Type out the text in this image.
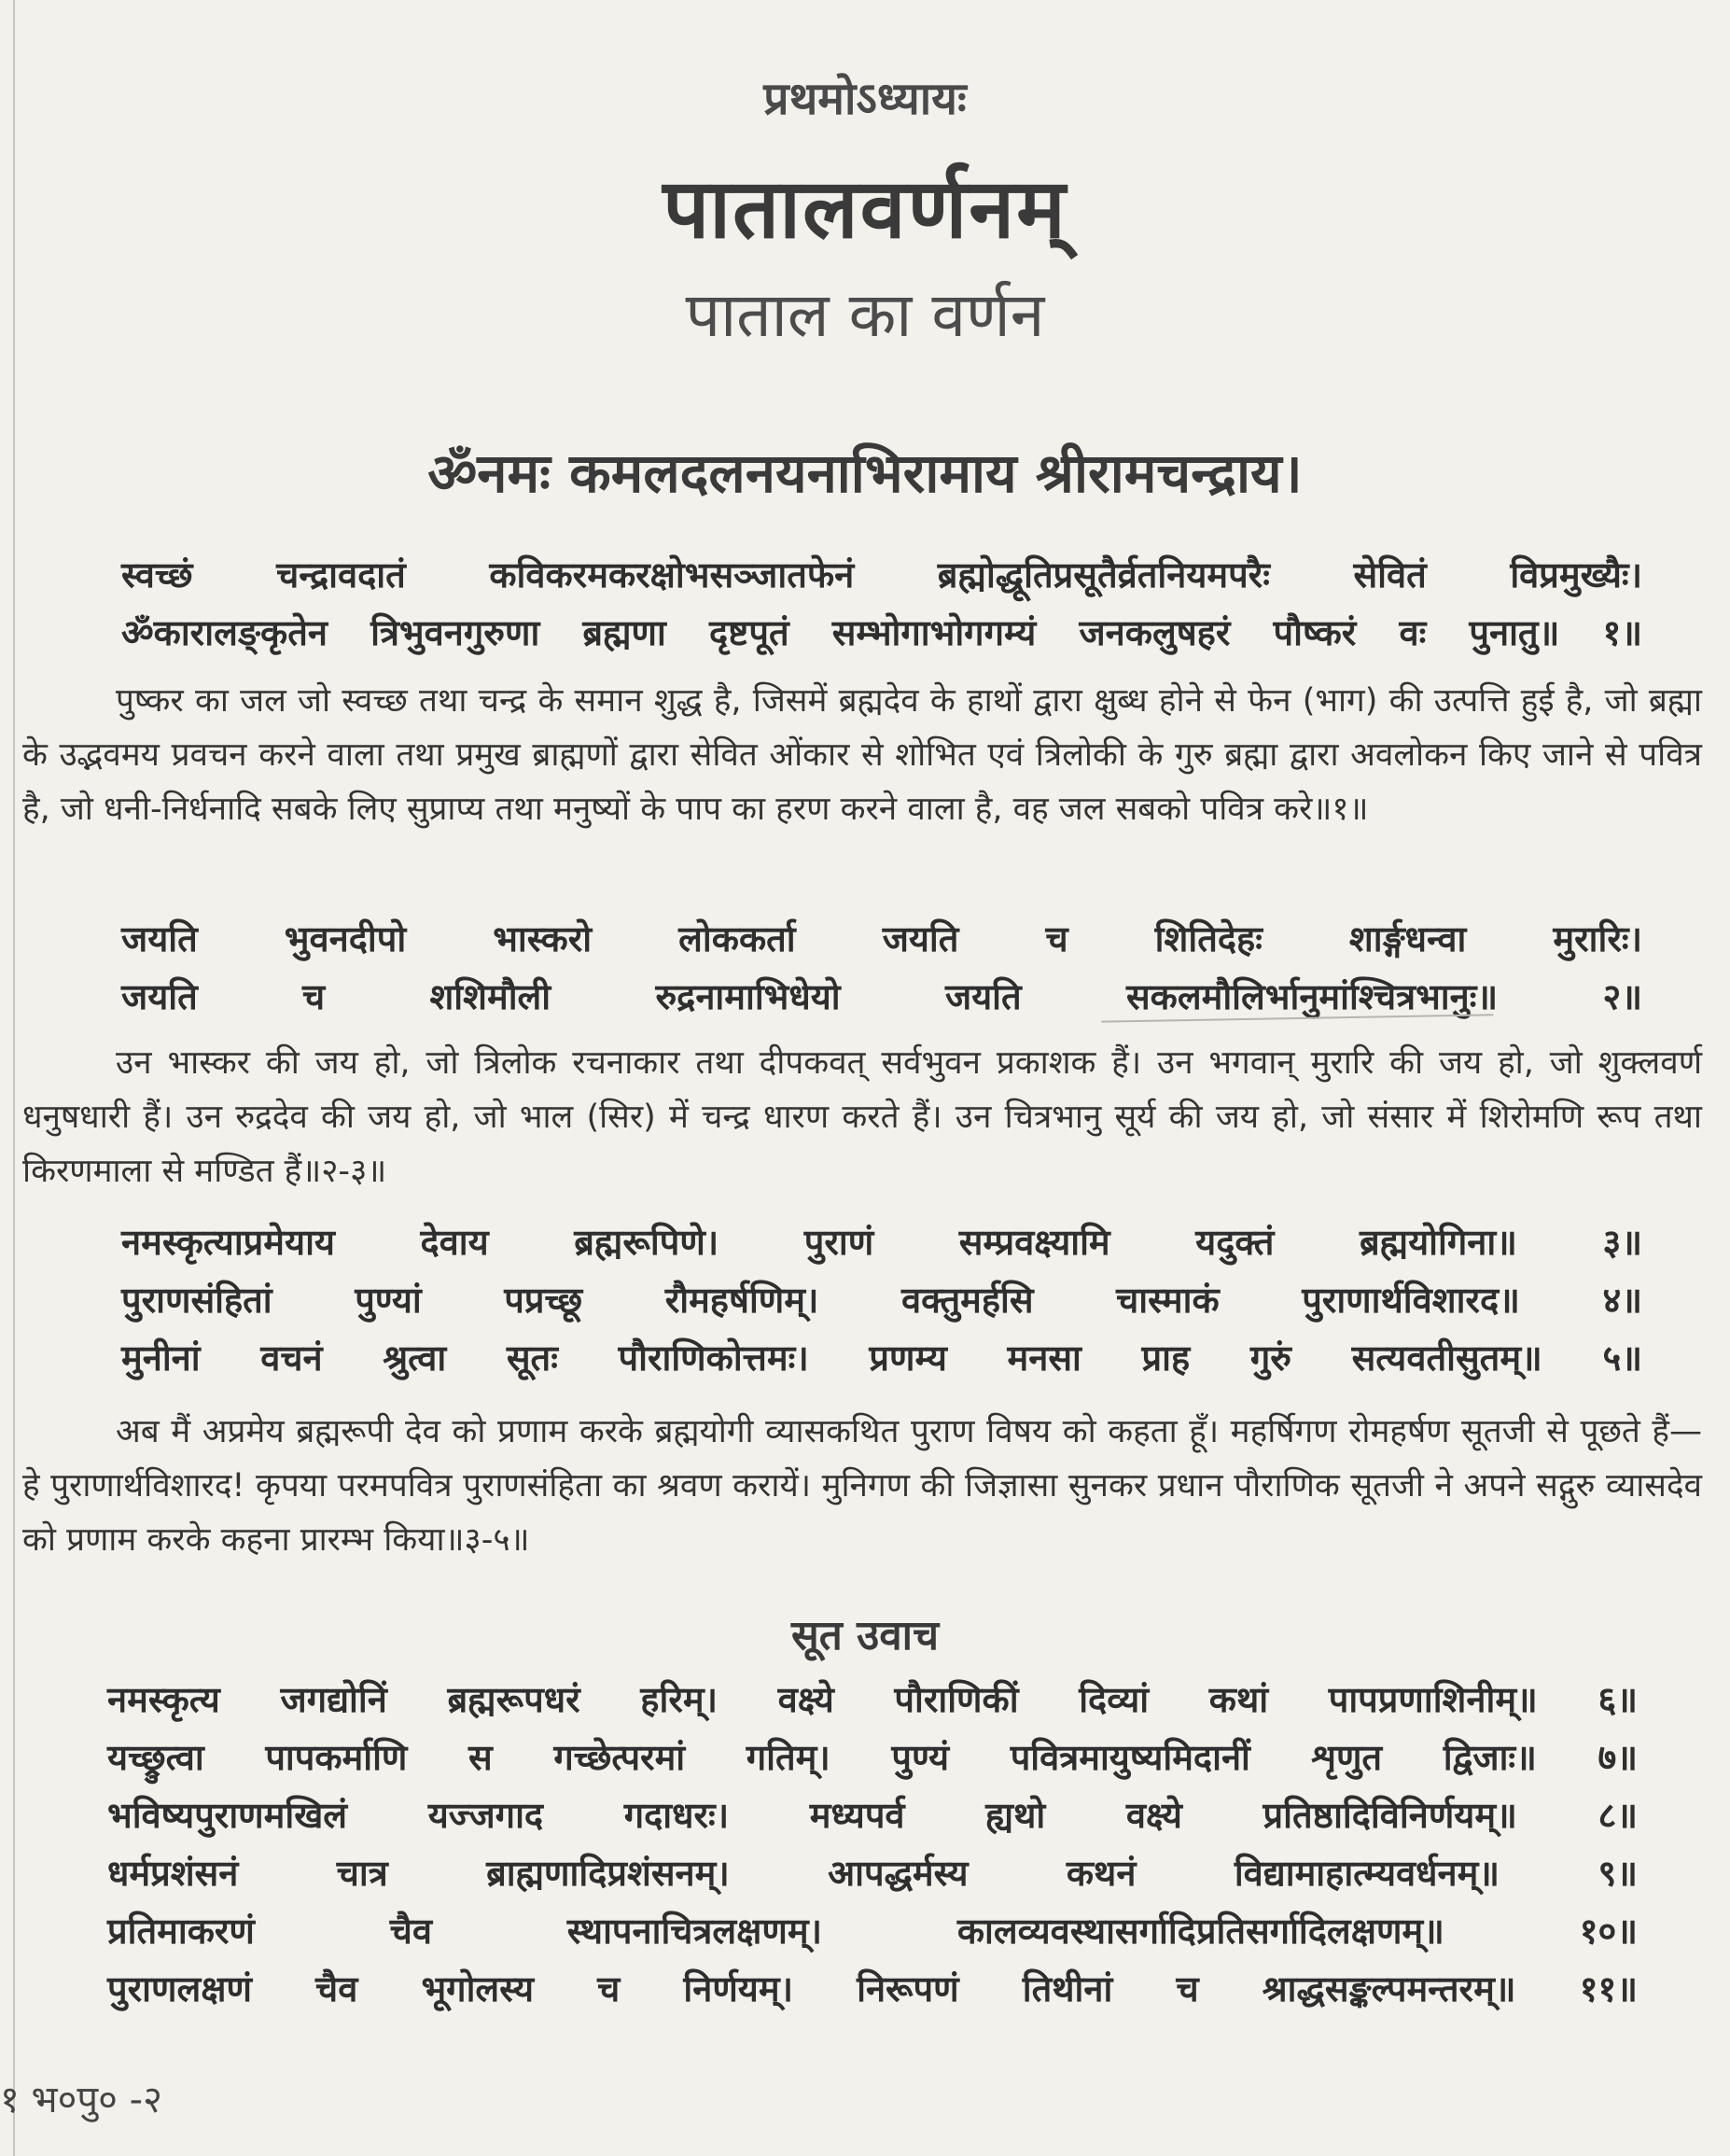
प्रथमोऽध्यायः
पातालवर्णनम्
पाताल का वर्णन
ॐनमः कमलदलनयनाभिरामाय श्रीरामचन्द्राय।
स्वच्छं चन्द्रावदातं कविकरमकरक्षोभसञ्जातफेनं ब्रह्मोद्धूतिप्रसूतैर्व्रतनियमपरैः सेवितं विप्रमुख्यैः।
ॐकारालङ्कृतेन त्रिभुवनगुरुणा ब्रह्मणा दृष्टपूतं सम्भोगाभोगगम्यं जनकलुषहरं पौष्करं वः पुनातु॥ १॥
पुष्कर का जल जो स्वच्छ तथा चन्द्र के समान शुद्ध है, जिसमें ब्रह्मदेव के हाथों द्वारा क्षुब्ध होने से फेन (भाग) की उत्पत्ति हुई है, जो ब्रह्मा के उद्भवमय प्रवचन करने वाला तथा प्रमुख ब्राह्मणों द्वारा सेवित ओंकार से शोभित एवं त्रिलोकी के गुरु ब्रह्मा द्वारा अवलोकन किए जाने से पवित्र है, जो धनी-निर्धनादि सबके लिए सुप्राप्य तथा मनुष्यों के पाप का हरण करने वाला है, वह जल सबको पवित्र करे॥१॥
जयति भुवनदीपो भास्करो लोककर्ता जयति च शितिदेहः शार्ङ्गधन्वा मुरारिः।
जयति च शशिमौली रुद्रनामाभिधेयो जयति सकलमौलिर्भानुमांश्चित्रभानुः॥ २॥
उन भास्कर की जय हो, जो त्रिलोक रचनाकार तथा दीपकवत् सर्वभुवन प्रकाशक हैं। उन भगवान् मुरारि की जय हो, जो शुक्लवर्ण धनुषधारी हैं। उन रुद्रदेव की जय हो, जो भाल (सिर) में चन्द्र धारण करते हैं। उन चित्रभानु सूर्य की जय हो, जो संसार में शिरोमणि रूप तथा किरणमाला से मण्डित हैं॥२-३॥
नमस्कृत्याप्रमेयाय देवाय ब्रह्मरूपिणे। पुराणं सम्प्रवक्ष्यामि यदुक्तं ब्रह्मयोगिना॥ ३॥
पुराणसंहितां पुण्यां पप्रच्छू रौमहर्षणिम्। वक्तुमर्हसि चास्माकं पुराणार्थविशारद॥ ४॥
मुनीनां वचनं श्रुत्वा सूतः पौराणिकोत्तमः। प्रणम्य मनसा प्राह गुरुं सत्यवतीसुतम्॥ ५॥
अब मैं अप्रमेय ब्रह्मरूपी देव को प्रणाम करके ब्रह्मयोगी व्यासकथित पुराण विषय को कहता हूँ। महर्षिगण रोमहर्षण सूतजी से पूछते हैं— हे पुराणार्थविशारद! कृपया परमपवित्र पुराणसंहिता का श्रवण करायें। मुनिगण की जिज्ञासा सुनकर प्रधान पौराणिक सूतजी ने अपने सद्गुरु व्यासदेव को प्रणाम करके कहना प्रारम्भ किया॥३-५॥
सूत उवाच
नमस्कृत्य जगद्योनिं ब्रह्मरूपधरं हरिम्। वक्ष्ये पौराणिकीं दिव्यां कथां पापप्रणाशिनीम्॥ ६॥
यच्छ्रुत्वा पापकर्माणि स गच्छेत्परमां गतिम्। पुण्यं पवित्रमायुष्यमिदानीं शृणुत द्विजाः॥ ७॥
भविष्यपुराणमखिलं यज्जगाद गदाधरः। मध्यपर्व ह्यथो वक्ष्ये प्रतिष्ठादिविनिर्णयम्॥ ८॥
धर्मप्रशंसनं चात्र ब्राह्मणादिप्रशंसनम्। आपद्धर्मस्य कथनं विद्यामाहात्म्यवर्धनम्॥ ९॥
प्रतिमाकरणं चैव स्थापनाचित्रलक्षणम्। कालव्यवस्थासर्गादिप्रतिसर्गादिलक्षणम्॥ १०॥
पुराणलक्षणं चैव भूगोलस्य च निर्णयम्। निरूपणं तिथीनां च श्राद्धसङ्कल्पमन्तरम्॥ ११॥
१ भ०पु० -२
